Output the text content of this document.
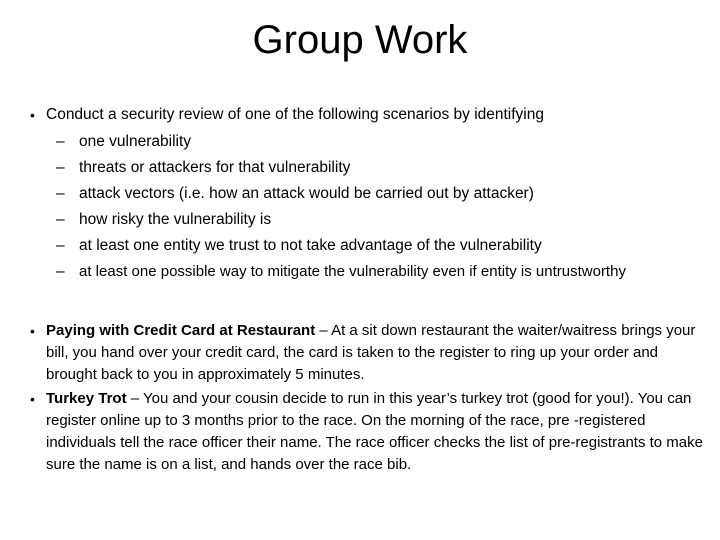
Group Work
• Conduct a security review of one of the following scenarios by identifying
– one vulnerability
– threats or attackers for that vulnerability
– attack vectors (i.e. how an attack would be carried out by attacker)
– how risky the vulnerability is
– at least one entity we trust to not take advantage of the vulnerability
– at least one possible way to mitigate the vulnerability even if entity is untrustworthy
• Paying with Credit Card at Restaurant – At a sit down restaurant the waiter/waitress brings your bill, you hand over your credit card, the card is taken to the register to ring up your order and brought back to you in approximately 5 minutes.
• Turkey Trot – You and your cousin decide to run in this year’s turkey trot (good for you!). You can register online up to 3 months prior to the race. On the morning of the race, pre -registered individuals tell the race officer their name. The race officer checks the list of pre-registrants to make sure the name is on a list, and hands over the race bib.
